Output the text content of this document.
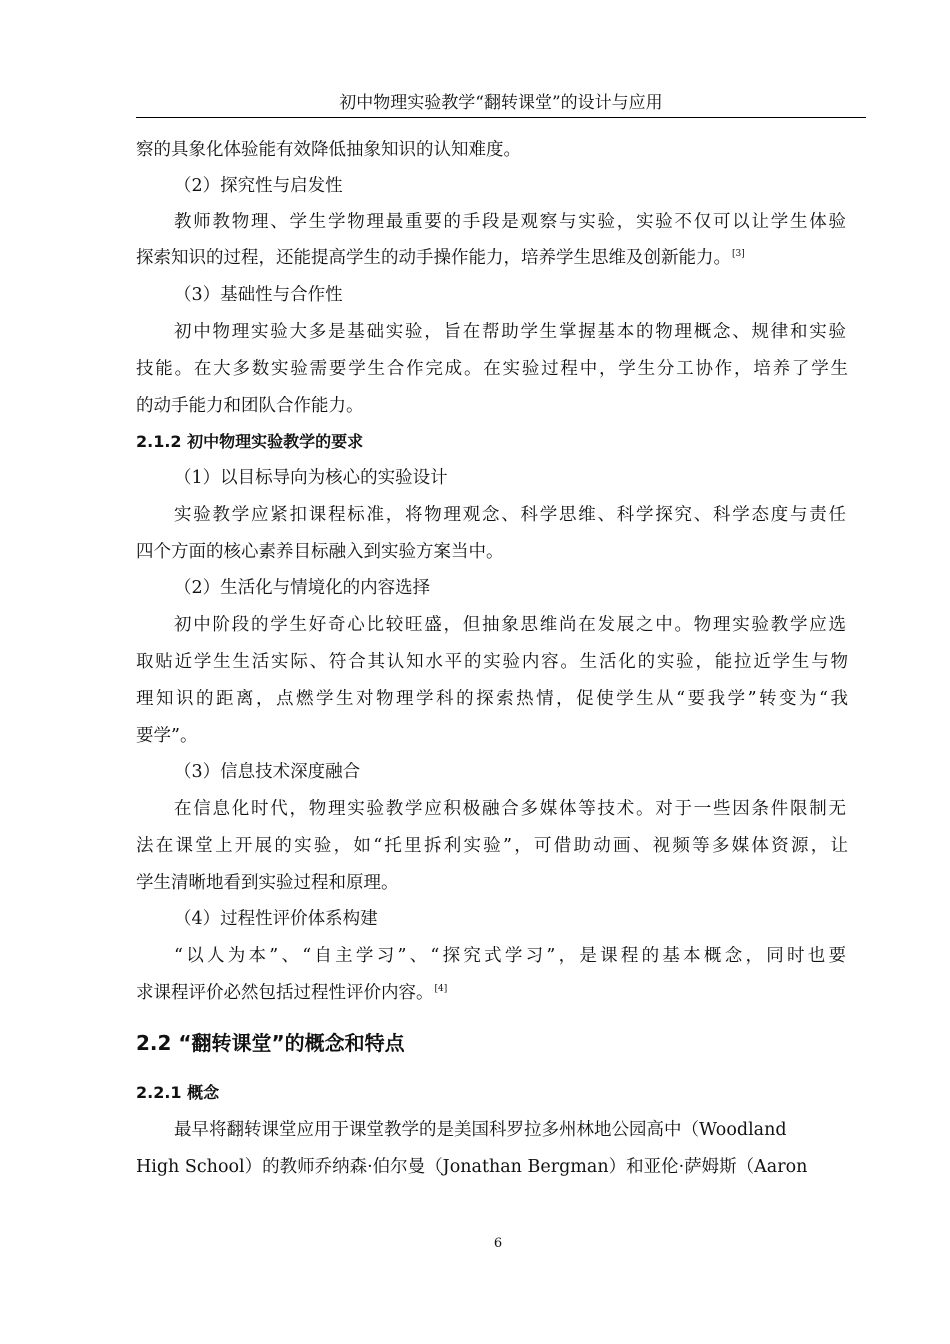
初中物理实验教学“翻转课堂”的设计与应用
察的具象化体验能有效降低抽象知识的认知难度。
（2）探究性与启发性
教师教物理、学生学物理最重要的手段是观察与实验，实验不仅可以让学生体验
探索知识的过程，还能提高学生的动手操作能力，培养学生思维及创新能力。[3]
（3）基础性与合作性
初中物理实验大多是基础实验，旨在帮助学生掌握基本的物理概念、规律和实验
技能。在大多数实验需要学生合作完成。在实验过程中，学生分工协作，培养了学生
的动手能力和团队合作能力。
2.1.2 初中物理实验教学的要求
（1）以目标导向为核心的实验设计
实验教学应紧扣课程标准，将物理观念、科学思维、科学探究、科学态度与责任
四个方面的核心素养目标融入到实验方案当中。
（2）生活化与情境化的内容选择
初中阶段的学生好奇心比较旺盛，但抽象思维尚在发展之中。物理实验教学应选
取贴近学生生活实际、符合其认知水平的实验内容。生活化的实验，能拉近学生与物
理知识的距离，点燃学生对物理学科的探索热情，促使学生从“要我学”转变为“我
要学”。
（3）信息技术深度融合
在信息化时代，物理实验教学应积极融合多媒体等技术。对于一些因条件限制无
法在课堂上开展的实验，如“托里拆利实验”，可借助动画、视频等多媒体资源，让
学生清晰地看到实验过程和原理。
（4）过程性评价体系构建
“以人为本”、“自主学习”、“探究式学习”，是课程的基本概念，同时也要
求课程评价必然包括过程性评价内容。[4]
2.2 “翻转课堂”的概念和特点
2.2.1 概念
最早将翻转课堂应用于课堂教学的是美国科罗拉多州林地公园高中（Woodland
High School）的教师乔纳森·伯尔曼（Jonathan Bergman）和亚伦·萨姆斯（Aaron
6
